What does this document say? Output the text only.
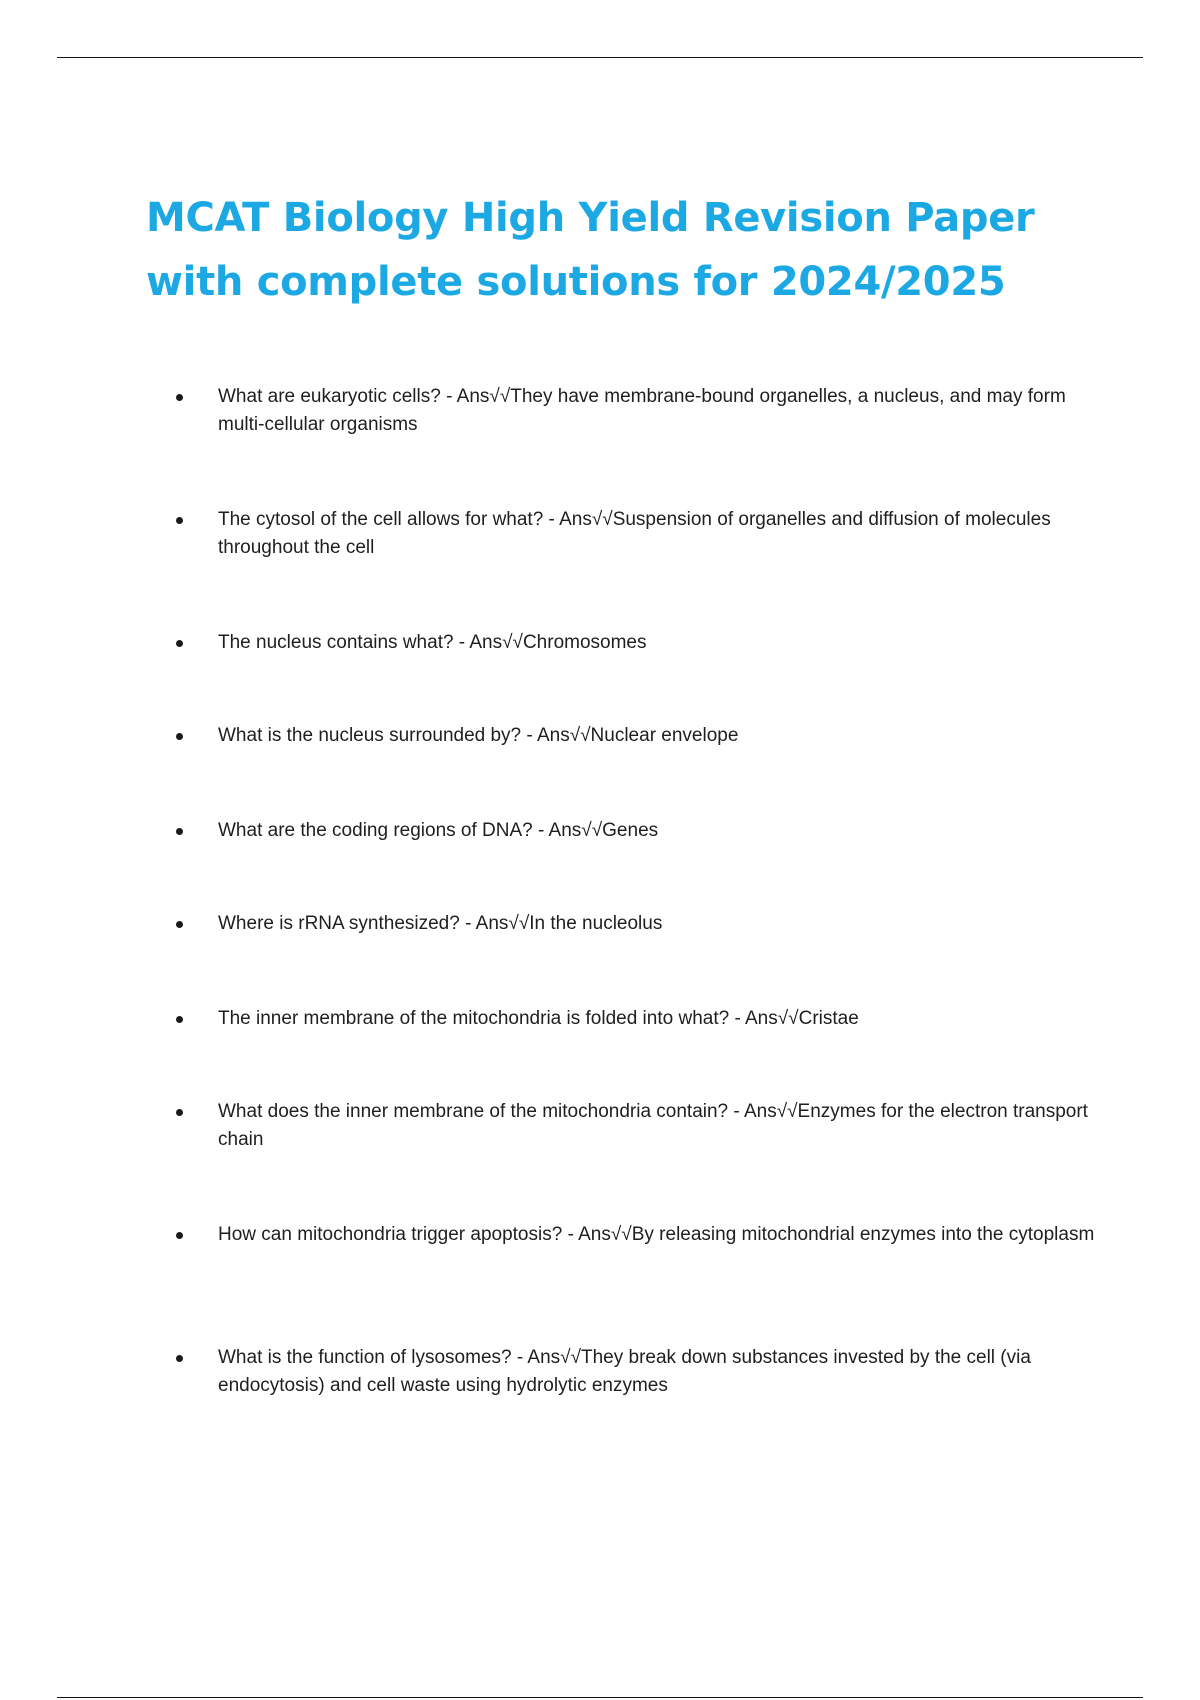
MCAT Biology High Yield Revision Paper with complete solutions for 2024/2025
What are eukaryotic cells? - Ans√√They have membrane-bound organelles, a nucleus, and may form multi-cellular organisms
The cytosol of the cell allows for what? - Ans√√Suspension of organelles and diffusion of molecules throughout the cell
The nucleus contains what? - Ans√√Chromosomes
What is the nucleus surrounded by? - Ans√√Nuclear envelope
What are the coding regions of DNA? - Ans√√Genes
Where is rRNA synthesized? - Ans√√In the nucleolus
The inner membrane of the mitochondria is folded into what? - Ans√√Cristae
What does the inner membrane of the mitochondria contain? - Ans√√Enzymes for the electron transport chain
How can mitochondria trigger apoptosis? - Ans√√By releasing mitochondrial enzymes into the cytoplasm
What is the function of lysosomes? - Ans√√They break down substances invested by the cell (via endocytosis) and cell waste using hydrolytic enzymes
